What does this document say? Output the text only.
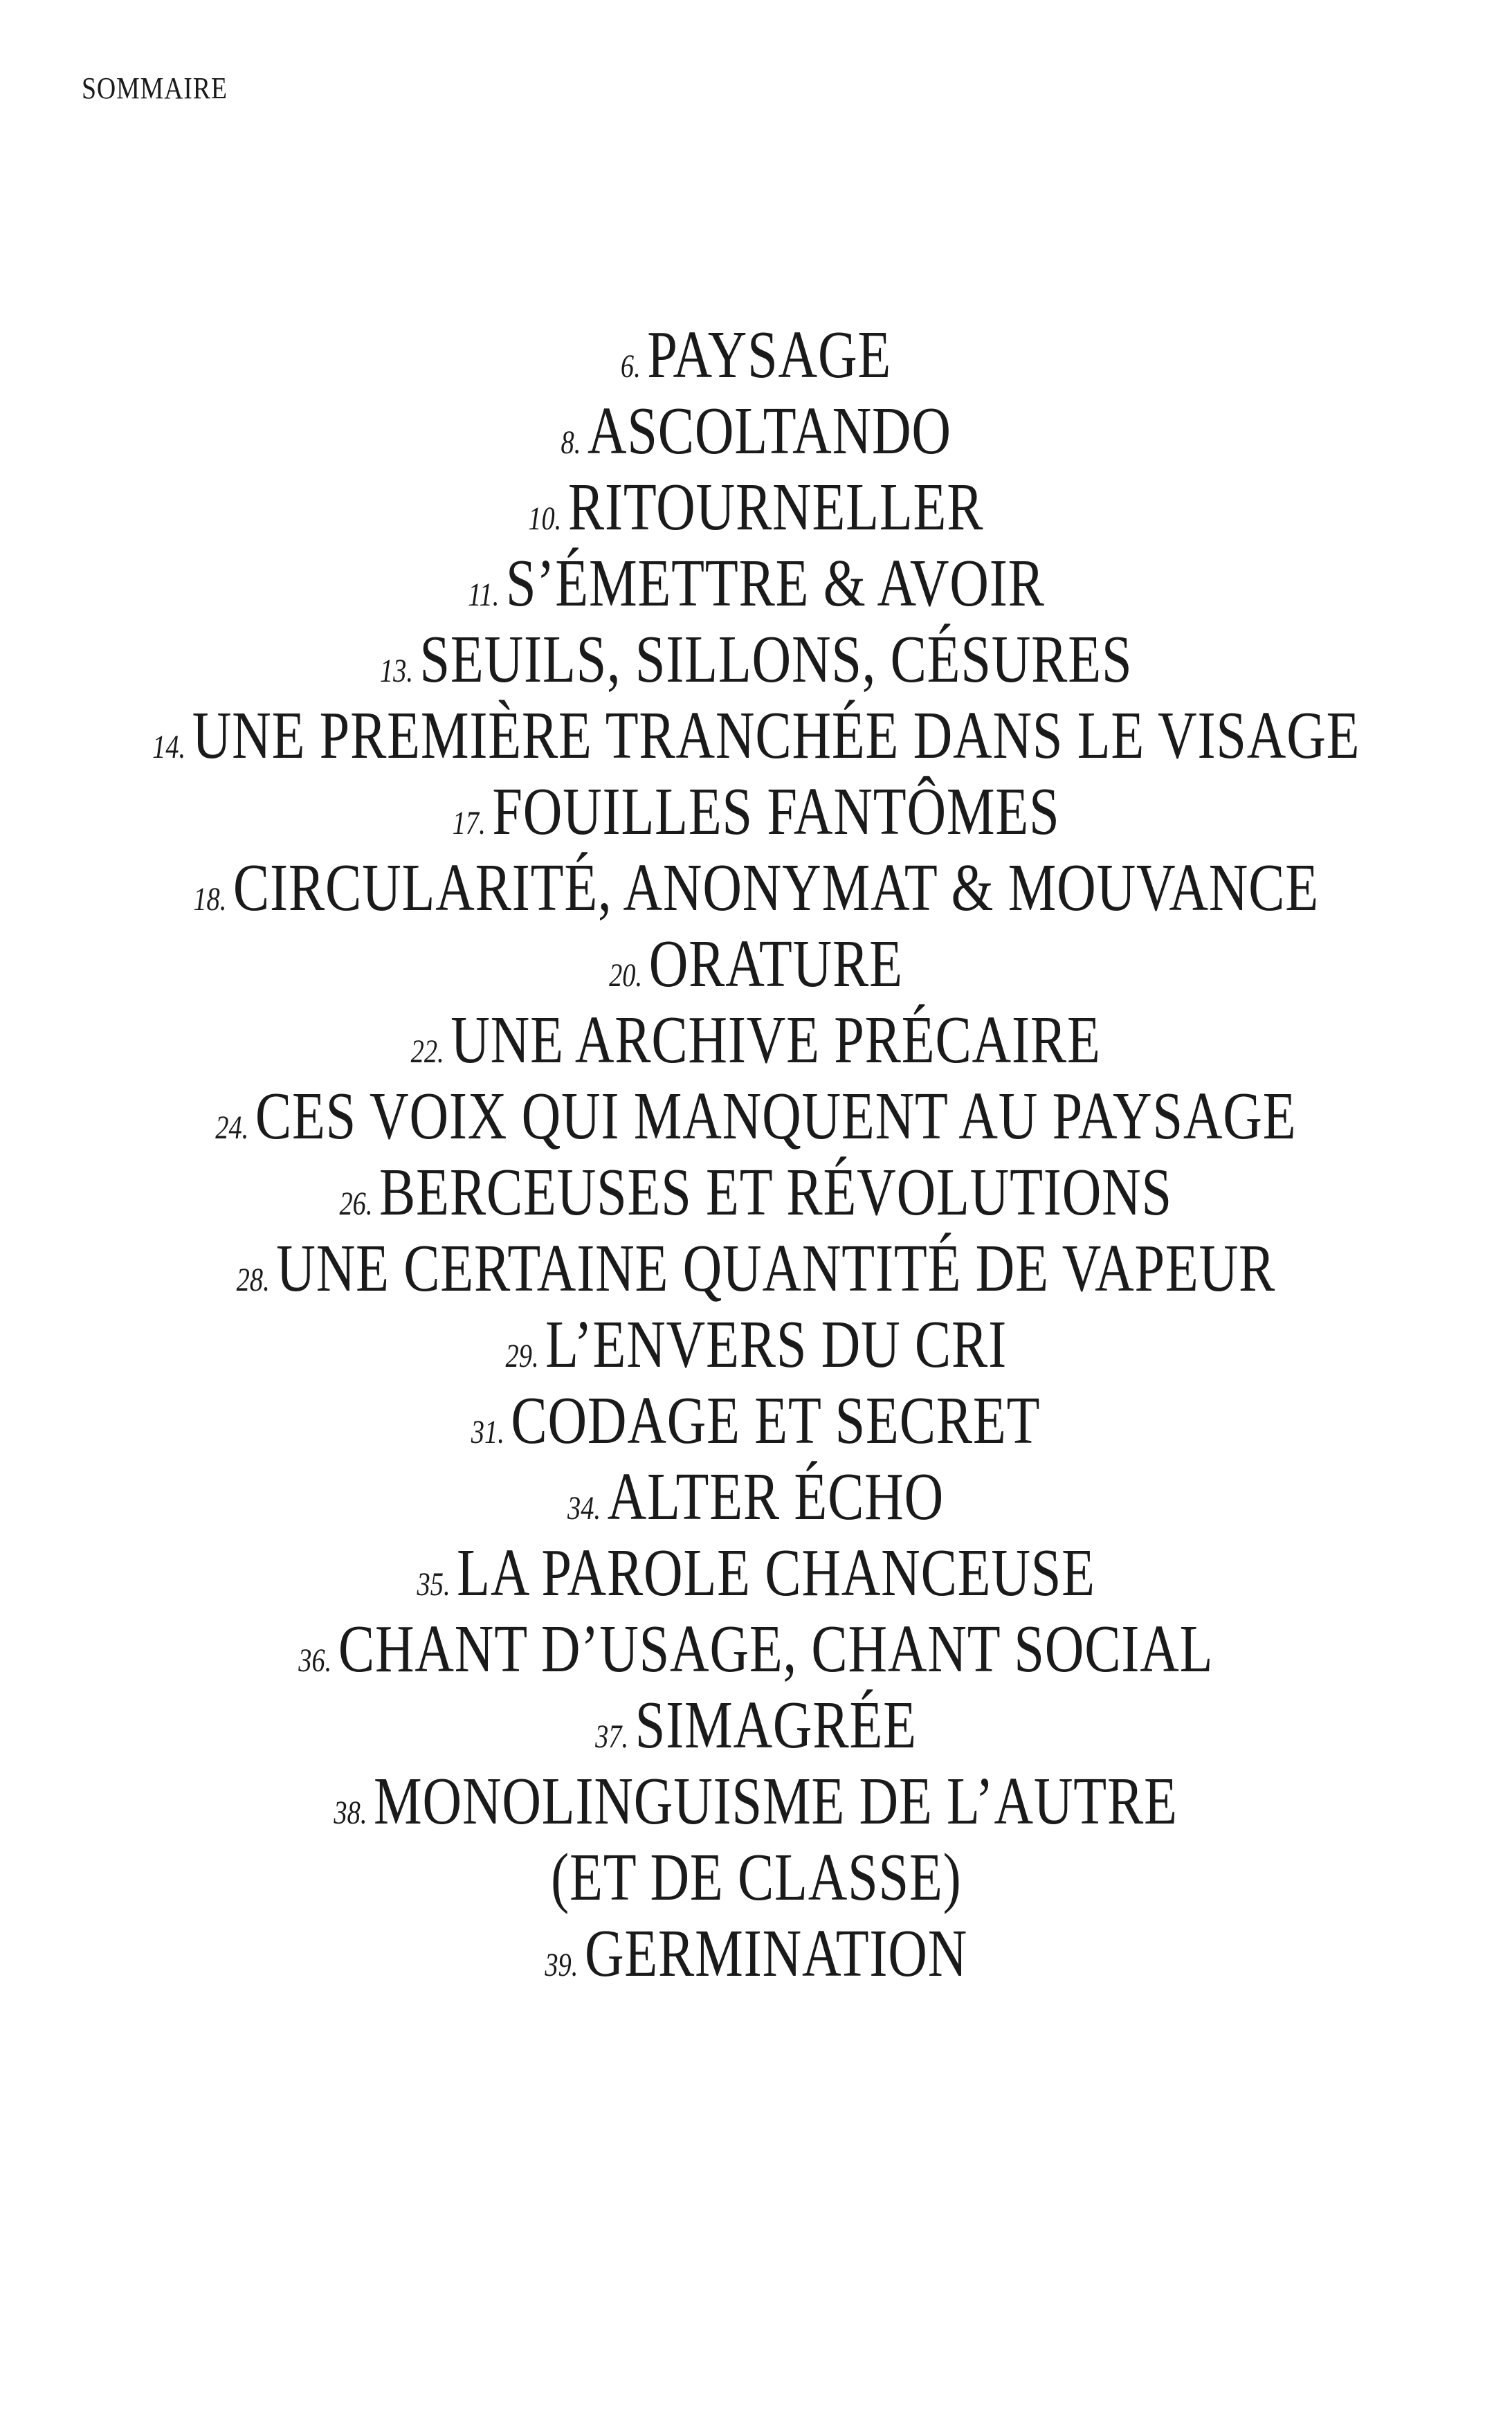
SOMMAIRE
6.PAYSAGE
8.ASCOLTANDO
10.RITOURNELLER
11.S’ÉMETTRE & AVOIR
13.SEUILS, SILLONS, CÉSURES
14.UNE PREMIÈRE TRANCHÉE DANS LE VISAGE
17.FOUILLES FANTÔMES
18.CIRCULARITÉ, ANONYMAT & MOUVANCE
20.ORATURE
22.UNE ARCHIVE PRÉCAIRE
24.CES VOIX QUI MANQUENT AU PAYSAGE
26.BERCEUSES ET RÉVOLUTIONS
28.UNE CERTAINE QUANTITÉ DE VAPEUR
29.L’ENVERS DU CRI
31.CODAGE ET SECRET
34.ALTER ÉCHO
35.LA PAROLE CHANCEUSE
36.CHANT D’USAGE, CHANT SOCIAL
37.SIMAGRÉE
38.MONOLINGUISME DE L’AUTRE
(ET DE CLASSE)
39.GERMINATION
